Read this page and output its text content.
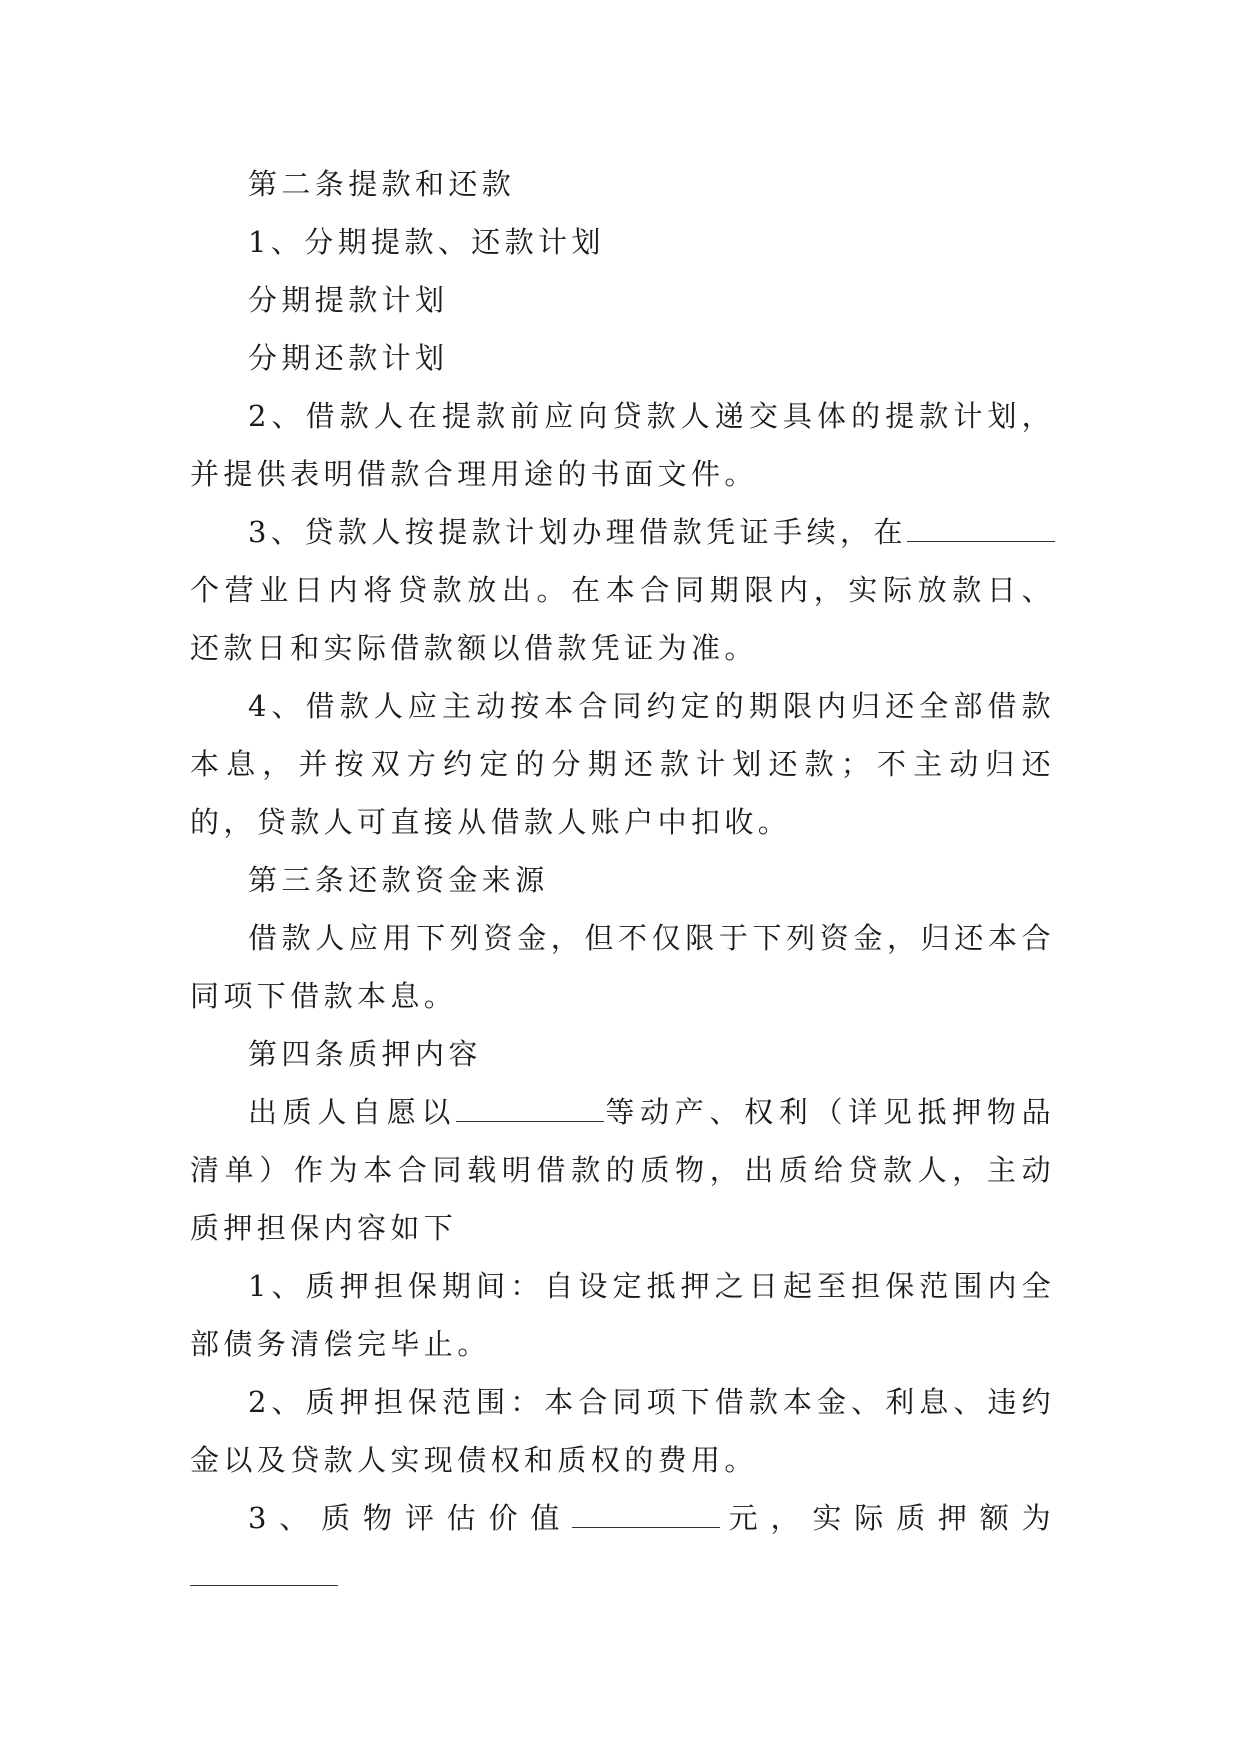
第二条提款和还款

1、分期提款、还款计划

分期提款计划

分期还款计划

2、借款人在提款前应向贷款人递交具体的提款计划，并提供表明借款合理用途的书面文件。

3、贷款人按提款计划办理借款凭证手续，在个营业日内将贷款放出。在本合同期限内，实际放款日、还款日和实际借款额以借款凭证为准。

4、借款人应主动按本合同约定的期限内归还全部借款本息，并按双方约定的分期还款计划还款；不主动归还的，贷款人可直接从借款人账户中扣收。

第三条还款资金来源

借款人应用下列资金，但不仅限于下列资金，归还本合同项下借款本息。

第四条质押内容

出质人自愿以	等动产、权利（详见抵押物品清单）作为本合同载明借款的质物，出质给贷款人，主动质押担保内容如下

1、质押担保期间：自设定抵押之日起至担保范围内全部债务清偿完毕止。

2、质押担保范围：本合同项下借款本金、利息、违约金以及贷款人实现债权和质权的费用。

3、质物评估价值	元，实际质押额为
